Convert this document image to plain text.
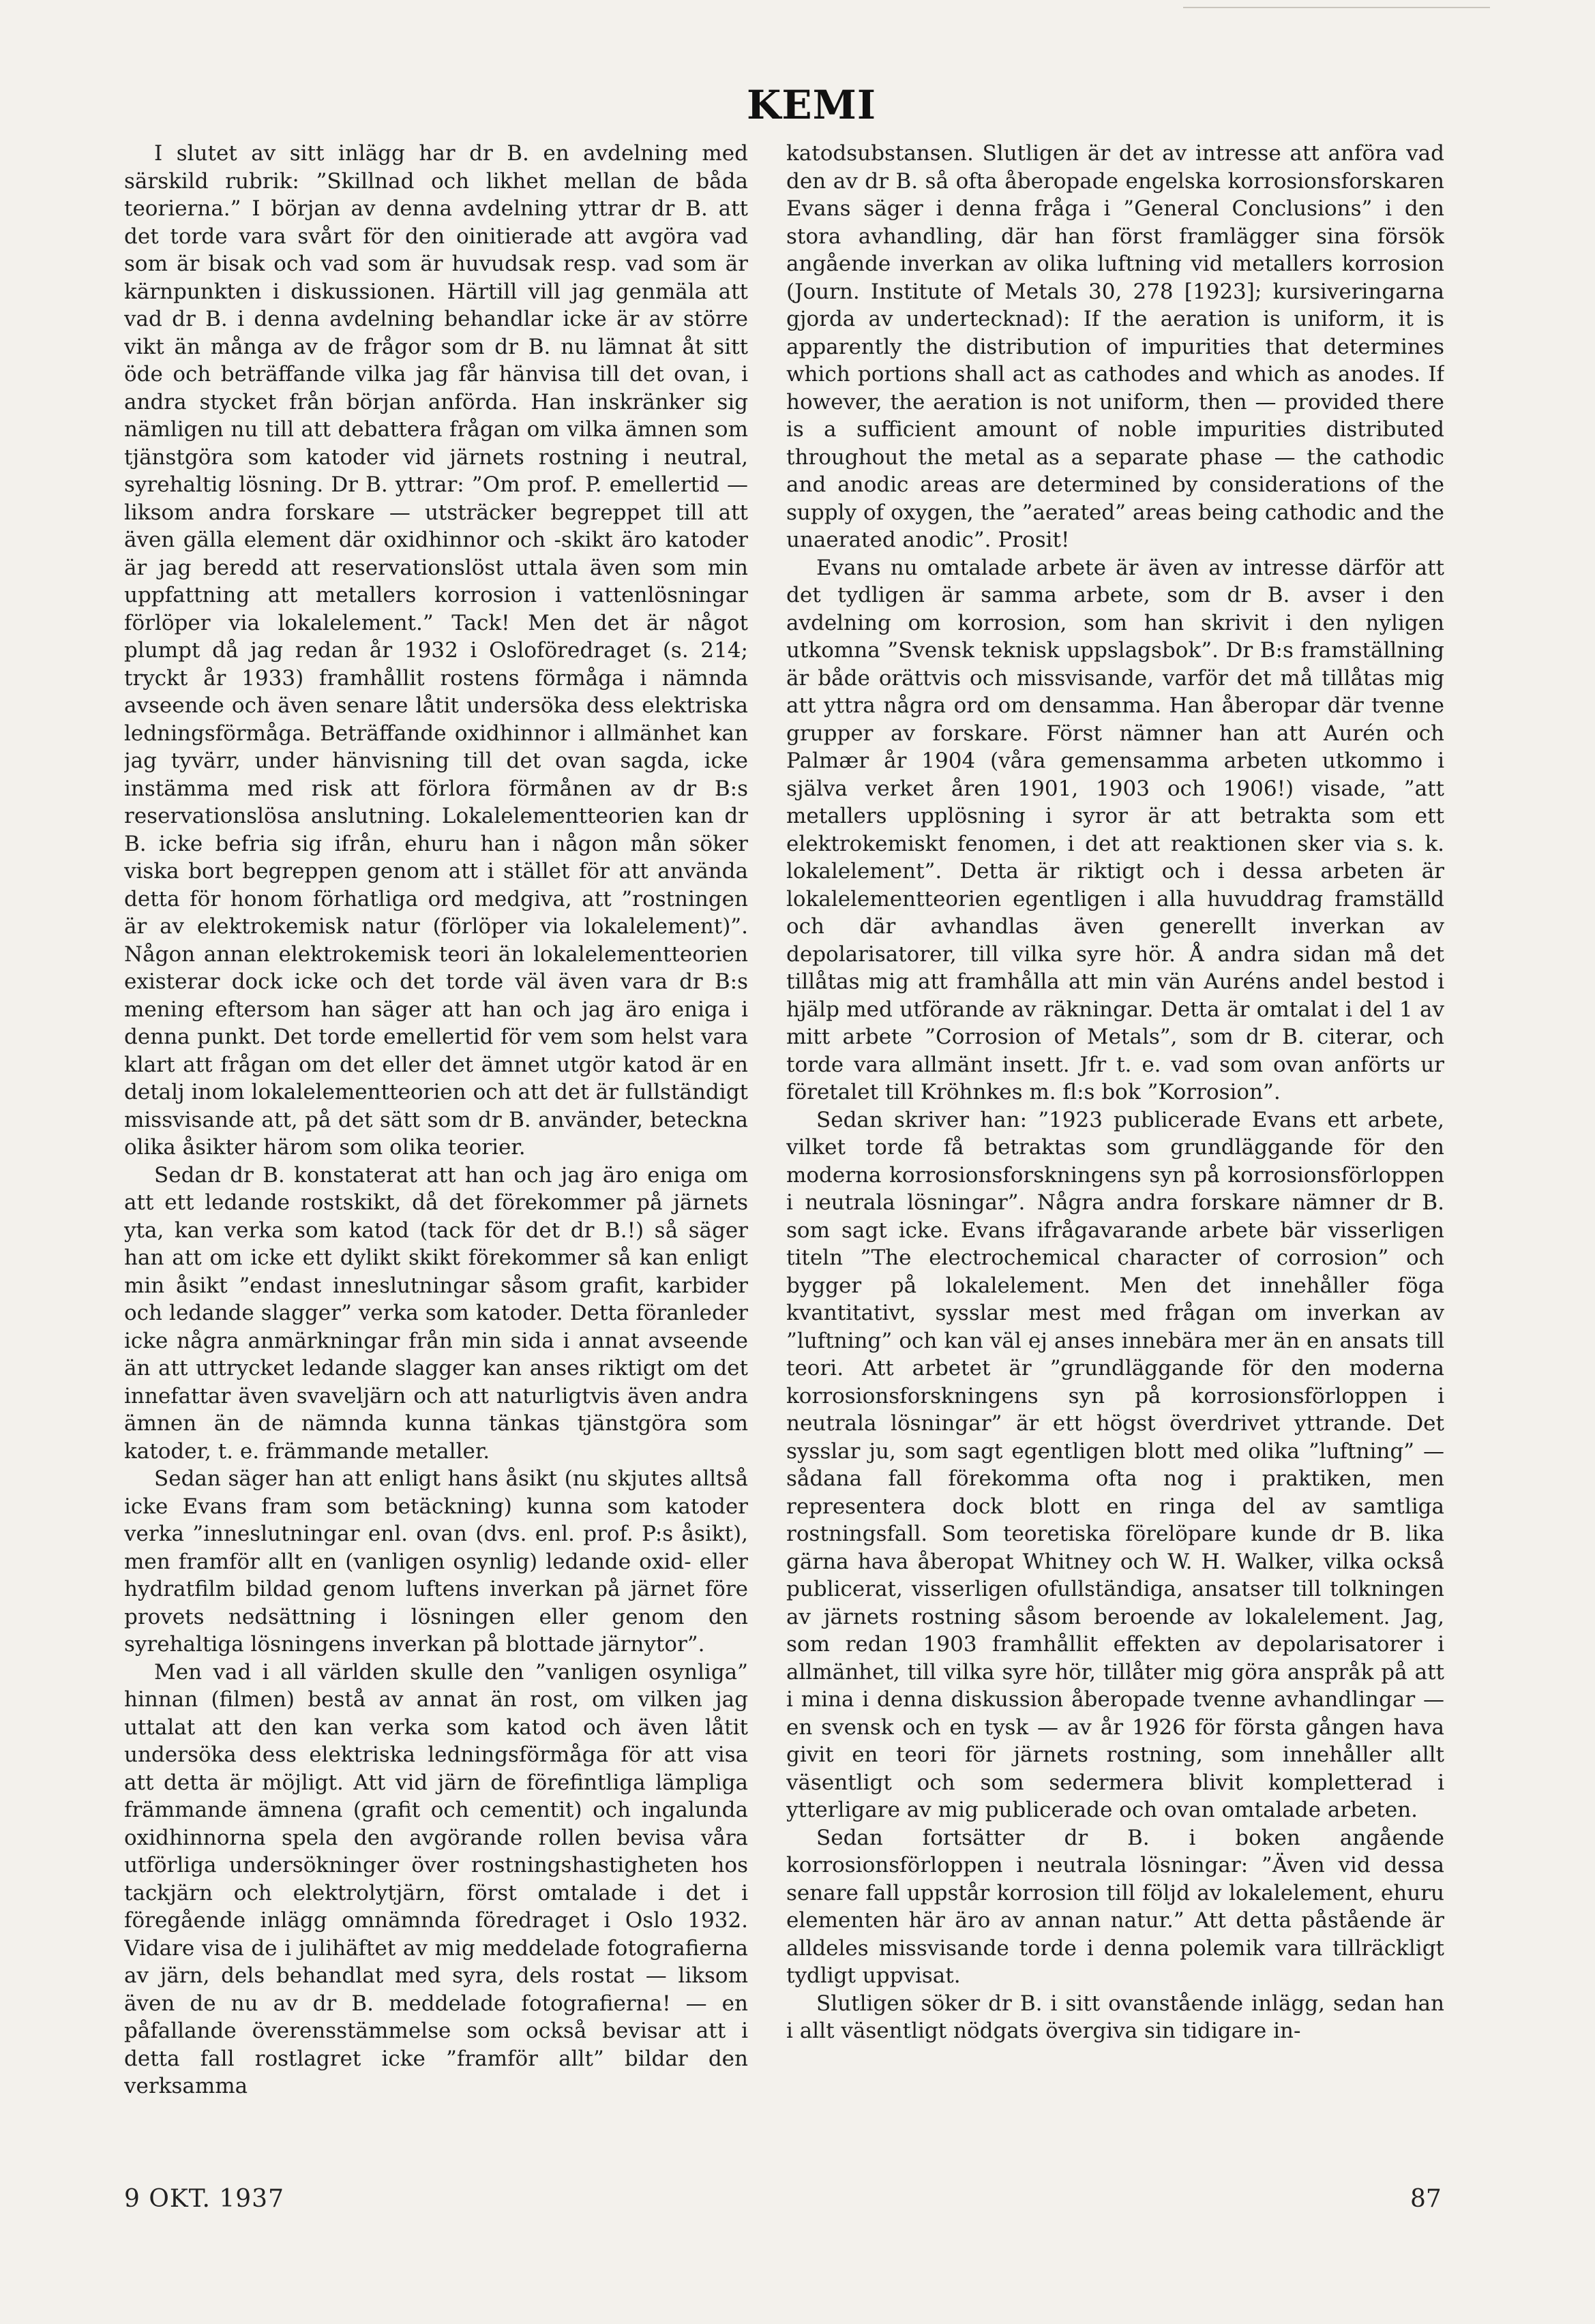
KEMI

I slutet av sitt inlägg har dr B. en avdelning med särskild rubrik: ”Skillnad och likhet mellan de båda teorierna.” I början av denna avdelning yttrar dr B. att det torde vara svårt för den oinitierade att avgöra vad som är bisak och vad som är huvudsak resp. vad som är kärnpunkten i diskussionen. Härtill vill jag genmäla att vad dr B. i denna avdelning behandlar icke är av större vikt än många av de frågor som dr B. nu lämnat åt sitt öde och beträffande vilka jag får hänvisa till det ovan, i andra stycket från början anförda. Han inskränker sig nämligen nu till att debattera frågan om vilka ämnen som tjänstgöra som katoder vid järnets rostning i neutral, syrehaltig lösning. Dr B. yttrar: ”Om prof. P. emellertid — liksom andra forskare — utsträcker begreppet till att även gälla element där oxidhinnor och -skikt äro katoder är jag beredd att reservationslöst uttala även som min uppfattning att metallers korrosion i vattenlösningar förlöper via lokalelement.” Tack! Men det är något plumpt då jag redan år 1932 i Osloföredraget (s. 214; tryckt år 1933) framhållit rostens förmåga i nämnda avseende och även senare låtit undersöka dess elektriska ledningsförmåga. Beträffande oxidhinnor i allmänhet kan jag tyvärr, under hänvisning till det ovan sagda, icke instämma med risk att förlora förmånen av dr B:s reservationslösa anslutning. Lokalelementteorien kan dr B. icke befria sig ifrån, ehuru han i någon mån söker viska bort begreppen genom att i stället för att använda detta för honom förhatliga ord medgiva, att ”rostningen är av elektrokemisk natur (förlöper via lokalelement)”. Någon annan elektrokemisk teori än lokalelementteorien existerar dock icke och det torde väl även vara dr B:s mening eftersom han säger att han och jag äro eniga i denna punkt. Det torde emellertid för vem som helst vara klart att frågan om det eller det ämnet utgör katod är en detalj inom lokalelementteorien och att det är fullständigt missvisande att, på det sätt som dr B. använder, beteckna olika åsikter härom som olika teorier.

Sedan dr B. konstaterat att han och jag äro eniga om att ett ledande rostskikt, då det förekommer på järnets yta, kan verka som katod (tack för det dr B.!) så säger han att om icke ett dylikt skikt förekommer så kan enligt min åsikt ”endast inneslutningar såsom grafit, karbider och ledande slagger” verka som katoder. Detta föranleder icke några anmärkningar från min sida i annat avseende än att uttrycket ledande slagger kan anses riktigt om det innefattar även svaveljärn och att naturligtvis även andra ämnen än de nämnda kunna tänkas tjänstgöra som katoder, t. e. främmande metaller.

Sedan säger han att enligt hans åsikt (nu skjutes alltså icke Evans fram som betäckning) kunna som katoder verka ”inneslutningar enl. ovan (dvs. enl. prof. P:s åsikt), men framför allt en (vanligen osynlig) ledande oxid- eller hydratfilm bildad genom luftens inverkan på järnet före provets nedsättning i lösningen eller genom den syrehaltiga lösningens inverkan på blottade järnytor”.

Men vad i all världen skulle den ”vanligen osynliga” hinnan (filmen) bestå av annat än rost, om vilken jag uttalat att den kan verka som katod och även låtit undersöka dess elektriska ledningsförmåga för att visa att detta är möjligt. Att vid järn de förefintliga lämpliga främmande ämnena (grafit och cementit) och ingalunda oxidhinnorna spela den avgörande rollen bevisa våra utförliga undersökninger över rostningshastigheten hos tackjärn och elektrolytjärn, först omtalade i det i föregående inlägg omnämnda föredraget i Oslo 1932. Vidare visa de i julihäftet av mig meddelade fotografierna av järn, dels behandlat med syra, dels rostat — liksom även de nu av dr B. meddelade fotografierna! — en påfallande överensstämmelse som också bevisar att i detta fall rostlagret icke ”framför allt” bildar den verksamma

katodsubstansen. Slutligen är det av intresse att anföra vad den av dr B. så ofta åberopade engelska korrosionsforskaren Evans säger i denna fråga i ”General Conclusions” i den stora avhandling, där han först framlägger sina försök angående inverkan av olika luftning vid metallers korrosion (Journ. Institute of Metals 30, 278 [1923]; kursiveringarna gjorda av undertecknad): If the aeration is uniform, it is apparently the distribution of impurities that determines which portions shall act as cathodes and which as anodes. If however, the aeration is not uniform, then — provided there is a sufficient amount of noble impurities distributed throughout the metal as a separate phase — the cathodic and anodic areas are determined by considerations of the supply of oxygen, the ”aerated” areas being cathodic and the unaerated anodic”. Prosit!

Evans nu omtalade arbete är även av intresse därför att det tydligen är samma arbete, som dr B. avser i den avdelning om korrosion, som han skrivit i den nyligen utkomna ”Svensk teknisk uppslagsbok”. Dr B:s framställning är både orättvis och missvisande, varför det må tillåtas mig att yttra några ord om densamma. Han åberopar där tvenne grupper av forskare. Först nämner han att Aurén och Palmær år 1904 (våra gemensamma arbeten utkommo i själva verket åren 1901, 1903 och 1906!) visade, ”att metallers upplösning i syror är att betrakta som ett elektrokemiskt fenomen, i det att reaktionen sker via s. k. lokalelement”. Detta är riktigt och i dessa arbeten är lokalelementteorien egentligen i alla huvuddrag framställd och där avhandlas även generellt inverkan av depolarisatorer, till vilka syre hör. Å andra sidan må det tillåtas mig att framhålla att min vän Auréns andel bestod i hjälp med utförande av räkningar. Detta är omtalat i del 1 av mitt arbete ”Corrosion of Metals”, som dr B. citerar, och torde vara allmänt insett. Jfr t. e. vad som ovan anförts ur företalet till Kröhnkes m. fl:s bok ”Korrosion”.

Sedan skriver han: ”1923 publicerade Evans ett arbete, vilket torde få betraktas som grundläggande för den moderna korrosionsforskningens syn på korrosionsförloppen i neutrala lösningar”. Några andra forskare nämner dr B. som sagt icke. Evans ifrågavarande arbete bär visserligen titeln ”The electrochemical character of corrosion” och bygger på lokalelement. Men det innehåller föga kvantitativt, sysslar mest med frågan om inverkan av ”luftning” och kan väl ej anses innebära mer än en ansats till teori. Att arbetet är ”grundläggande för den moderna korrosionsforskningens syn på korrosionsförloppen i neutrala lösningar” är ett högst överdrivet yttrande. Det sysslar ju, som sagt egentligen blott med olika ”luftning” — sådana fall förekomma ofta nog i praktiken, men representera dock blott en ringa del av samtliga rostningsfall. Som teoretiska förelöpare kunde dr B. lika gärna hava åberopat Whitney och W. H. Walker, vilka också publicerat, visserligen ofullständiga, ansatser till tolkningen av järnets rostning såsom beroende av lokalelement. Jag, som redan 1903 framhållit effekten av depolarisatorer i allmänhet, till vilka syre hör, tillåter mig göra anspråk på att i mina i denna diskussion åberopade tvenne avhandlingar — en svensk och en tysk — av år 1926 för första gången hava givit en teori för järnets rostning, som innehåller allt väsentligt och som sedermera blivit kompletterad i ytterligare av mig publicerade och ovan omtalade arbeten.

Sedan fortsätter dr B. i boken angående korrosionsförloppen i neutrala lösningar: ”Även vid dessa senare fall uppstår korrosion till följd av lokalelement, ehuru elementen här äro av annan natur.” Att detta påstående är alldeles missvisande torde i denna polemik vara tillräckligt tydligt uppvisat.

Slutligen söker dr B. i sitt ovanstående inlägg, sedan han i allt väsentligt nödgats övergiva sin tidigare in-

9 OKT. 1937	87
